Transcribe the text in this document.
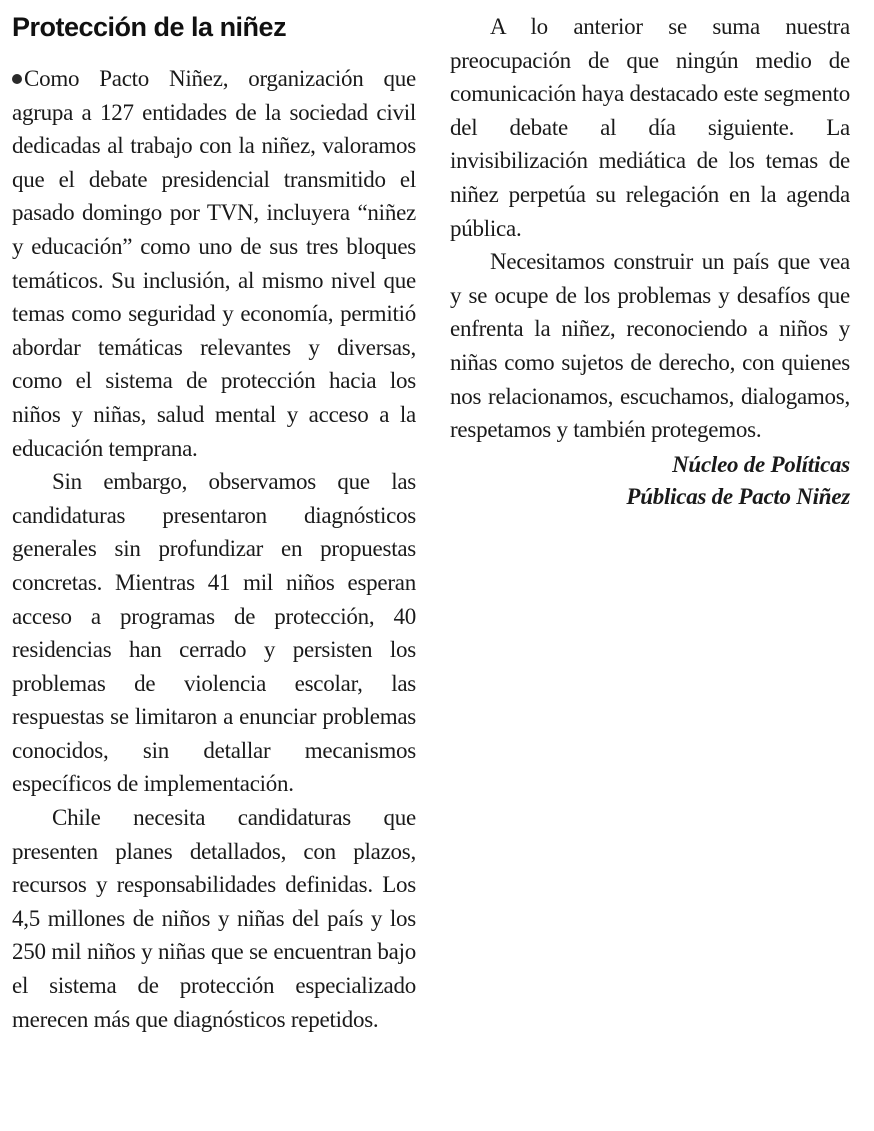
Protección de la niñez

Como Pacto Niñez, organización que agrupa a 127 entidades de la sociedad civil dedicadas al trabajo con la niñez, valoramos que el debate presidencial transmitido el pasado domingo por TVN, incluyera “niñez y educación” como uno de sus tres bloques temáticos. Su inclusión, al mismo nivel que temas como seguridad y economía, permitió abordar temáticas relevantes y diversas, como el sistema de protección hacia los niños y niñas, salud mental y acceso a la educación temprana.

Sin embargo, observamos que las candidaturas presentaron diagnósticos generales sin profundizar en propuestas concretas. Mientras 41 mil niños esperan acceso a programas de protección, 40 residencias han cerrado y persisten los problemas de violencia escolar, las respuestas se limitaron a enunciar problemas conocidos, sin detallar mecanismos específicos de implementación.

Chile necesita candidaturas que presenten planes detallados, con plazos, recursos y responsabilidades definidas. Los 4,5 millones de niños y niñas del país y los 250 mil niños y niñas que se encuentran bajo el sistema de protección especializado merecen más que diagnósticos repetidos.

A lo anterior se suma nuestra preocupación de que ningún medio de comunicación haya destacado este segmento del debate al día siguiente. La invisibilización mediática de los temas de niñez perpetúa su relegación en la agenda pública.

Necesitamos construir un país que vea y se ocupe de los problemas y desafíos que enfrenta la niñez, reconociendo a niños y niñas como sujetos de derecho, con quienes nos relacionamos, escuchamos, dialogamos, respetamos y también protegemos.

Núcleo de Políticas
Públicas de Pacto Niñez
